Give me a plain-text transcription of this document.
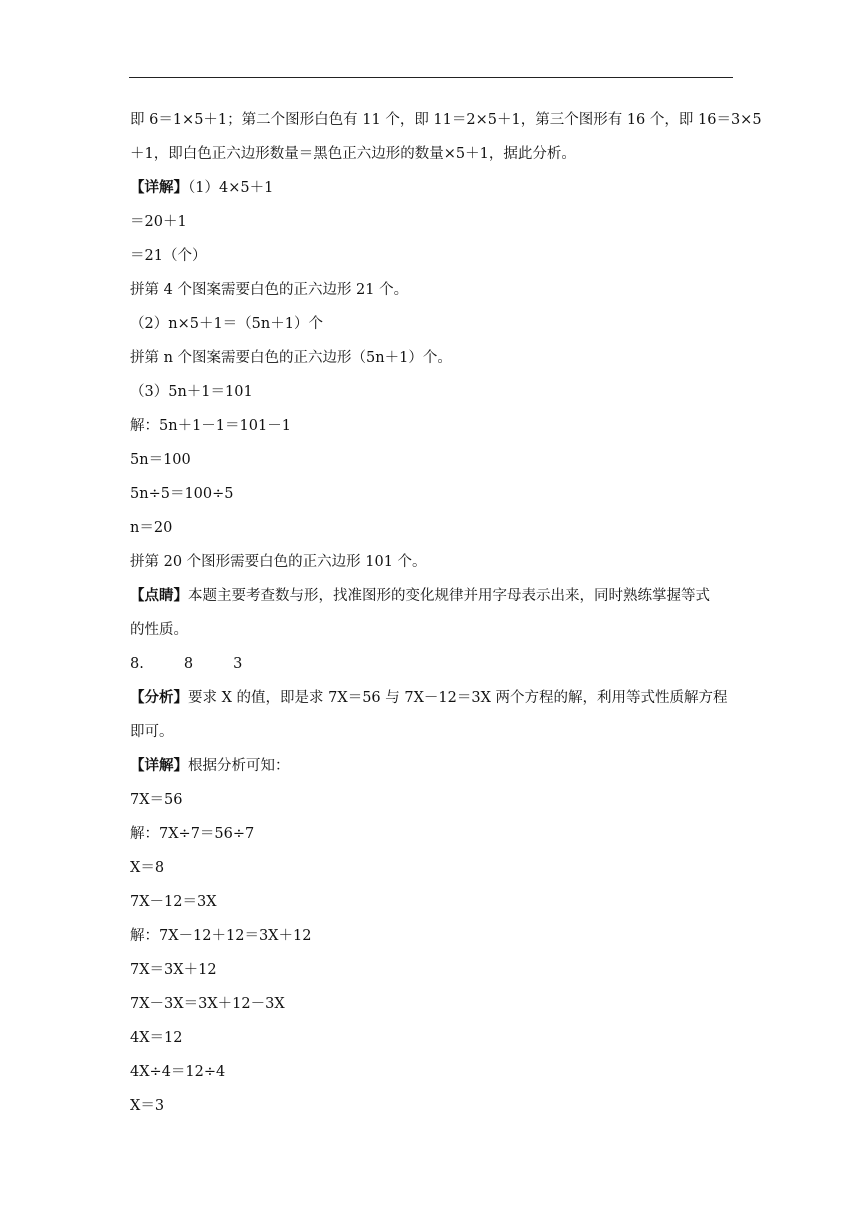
即 6＝1×5＋1；第二个图形白色有 11 个，即 11＝2×5＋1，第三个图形有 16 个，即 16＝3×5
＋1，即白色正六边形数量＝黑色正六边形的数量×5＋1，据此分析。
【详解】（1）4×5＋1
＝20＋1
＝21（个）
拼第 4 个图案需要白色的正六边形 21 个。
（2）n×5＋1＝（5n＋1）个
拼第 n 个图案需要白色的正六边形（5n＋1）个。
（3）5n＋1＝101
解：5n＋1－1＝101－1
5n＝100
5n÷5＝100÷5
n＝20
拼第 20 个图形需要白色的正六边形 101 个。
【点睛】本题主要考查数与形，找准图形的变化规律并用字母表示出来，同时熟练掌握等式
的性质。
8.	8	3
【分析】要求 X 的值，即是求 7X＝56 与 7X－12＝3X 两个方程的解，利用等式性质解方程
即可。
【详解】根据分析可知：
7X＝56
解：7X÷7＝56÷7
X＝8
7X－12＝3X
解：7X－12＋12＝3X＋12
7X＝3X＋12
7X－3X＝3X＋12－3X
4X＝12
4X÷4＝12÷4
X＝3
